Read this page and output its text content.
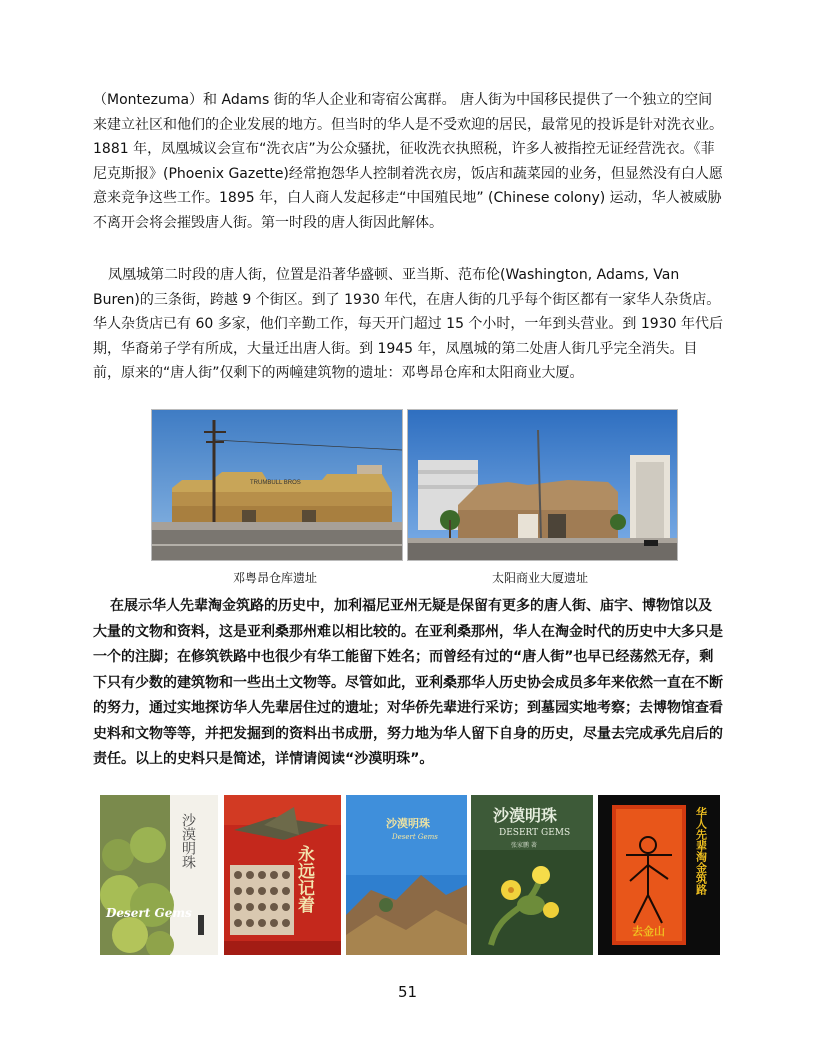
（Montezuma）和 Adams 街的华人企业和寄宿公寓群。 唐人街为中国移民提供了一个独立的空间来建立社区和他们的企业发展的地方。但当时的华人是不受欢迎的居民，最常见的投诉是针对洗衣业。1881 年，凤凰城议会宣布“洗衣店”为公众骚扰，征收洗衣执照税，许多人被指控无证经营洗衣。《菲尼克斯报》(Phoenix Gazette)经常抱怨华人控制着洗衣房，饭店和蔬菜园的业务，但显然没有白人愿意来竞争这些工作。1895 年，白人商人发起移走“中国殖民地” (Chinese colony) 运动，华人被威胁不离开会将会摧毁唐人街。第一时段的唐人街因此解体。

凤凰城第二时段的唐人街，位置是沿著华盛顿、亚当斯、范布伦(Washington, Adams, Van Buren)的三条街，跨越 9 个街区。到了 1930 年代，在唐人街的几乎每个街区都有一家华人杂货店。华人杂货店已有 60 多家，他们辛勤工作，每天开门超过 15 个小时，一年到头营业。到 1930 年代后期，华裔弟子学有所成，大量迁出唐人街。到 1945 年，凤凰城的第二处唐人街几乎完全消失。目前，原来的“唐人街”仅剩下的两幢建筑物的遗址：邓粤昂仓库和太阳商业大厦。

TRUMBULL BROS
邓粤昂仓库遗址	太阳商业大厦遗址

在展示华人先辈淘金筑路的历史中，加利福尼亚州无疑是保留有更多的唐人街、庙宇、博物馆以及大量的文物和资料，这是亚利桑那州难以相比较的。在亚利桑那州，华人在淘金时代的历史中大多只是一个的注脚；在修筑铁路中也很少有华工能留下姓名；而曾经有过的“唐人街”也早已经荡然无存，剩下只有少数的建筑物和一些出土文物等。尽管如此，亚利桑那华人历史协会成员多年来依然一直在不断的努力，通过实地探访华人先辈居住过的遗址；对华侨先辈进行采访；到墓园实地考察；去博物馆查看史料和文物等等，并把发掘到的资料出书成册，努力地为华人留下自身的历史，尽量去完成承先启后的责任。以上的史料只是简述，详情请阅读“沙漠明珠”。

Desert Gems
沙漠明珠
永远记着
沙漠明珠
Desert Gems
沙漠明珠
DESERT GEMS
张家鹏 著	华人先辈淘金筑路
去金山
51
